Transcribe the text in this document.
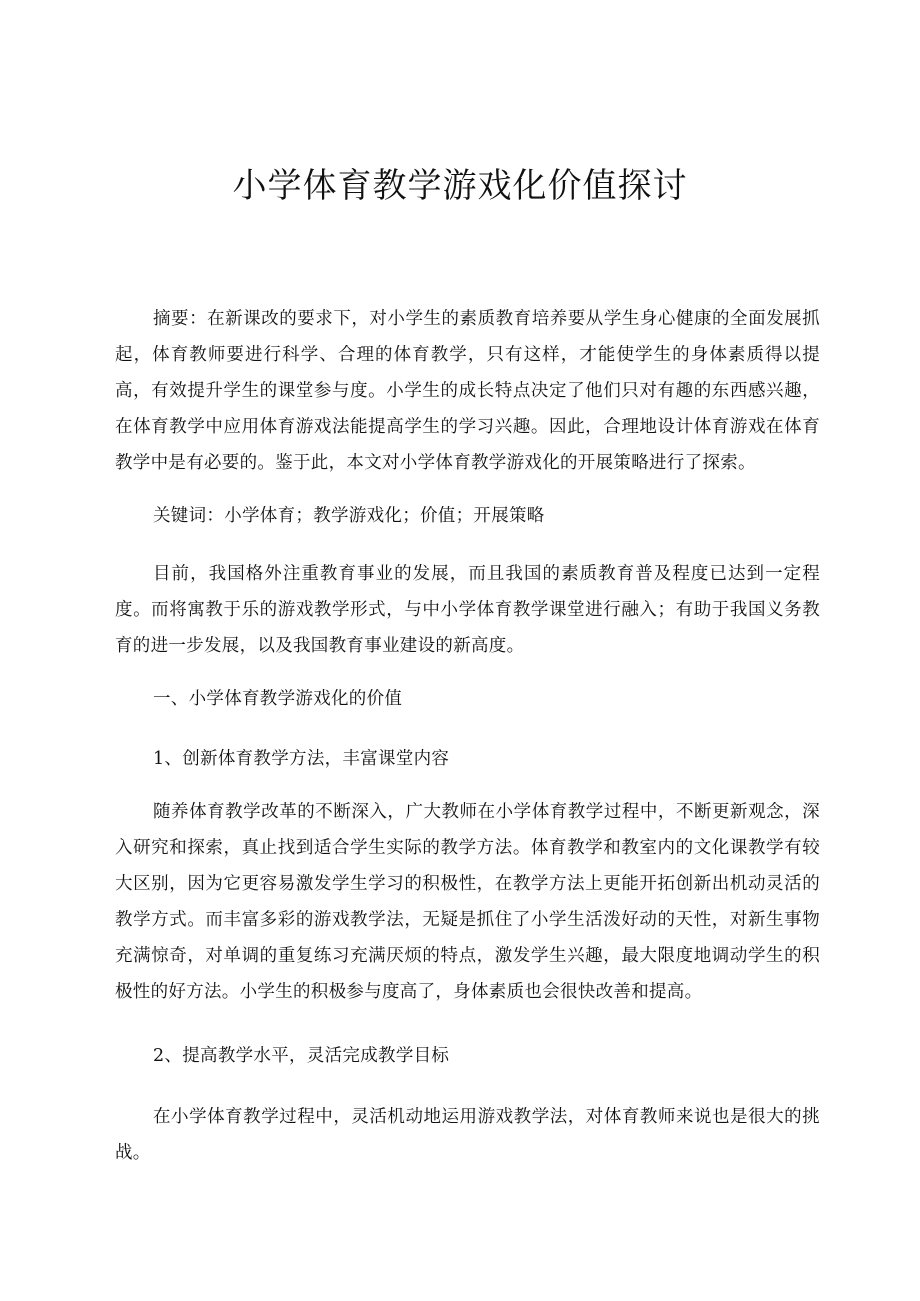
小学体育教学游戏化价值探讨

摘要：在新课改的要求下，对小学生的素质教育培养要从学生身心健康的全面发展抓起，体育教师要进行科学、合理的体育教学，只有这样，才能使学生的身体素质得以提高，有效提升学生的课堂参与度。小学生的成长特点决定了他们只对有趣的东西感兴趣，在体育教学中应用体育游戏法能提高学生的学习兴趣。因此，合理地设计体育游戏在体育教学中是有必要的。鉴于此，本文对小学体育教学游戏化的开展策略进行了探索。

关键词：小学体育；教学游戏化；价值；开展策略

目前，我国格外注重教育事业的发展，而且我国的素质教育普及程度已达到一定程度。而将寓教于乐的游戏教学形式，与中小学体育教学课堂进行融入；有助于我国义务教育的进一步发展，以及我国教育事业建设的新高度。

一、小学体育教学游戏化的价值

1、创新体育教学方法，丰富课堂内容

随养体育教学改革的不断深入，广大教师在小学体育教学过程中，不断更新观念，深入研究和探索，真止找到适合学生实际的教学方法。体育教学和教室内的文化课教学有较大区别，因为它更容易激发学生学习的积极性，在教学方法上更能开拓创新出机动灵活的教学方式。而丰富多彩的游戏教学法，无疑是抓住了小学生活泼好动的天性，对新生事物充满惊奇，对单调的重复练习充满厌烦的特点，激发学生兴趣，最大限度地调动学生的积极性的好方法。小学生的积极参与度高了，身体素质也会很快改善和提高。

2、提高教学水平，灵活完成教学目标

在小学体育教学过程中，灵活机动地运用游戏教学法，对体育教师来说也是很大的挑战。
